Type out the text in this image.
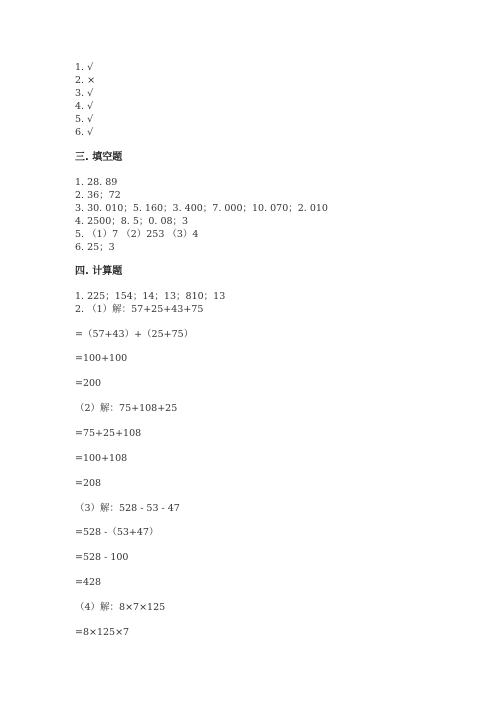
1. √
2. ×
3. √
4. √
5. √
6. √
三. 填空题
1. 28. 89
2. 36；72
3. 30. 010；5. 160；3. 400；7. 000；10. 070；2. 010
4. 2500；8. 5；0. 08；3
5. （1）7 （2）253 （3）4
6. 25；3
四. 计算题
1. 225；154；14；13；810；13
2. （1）解：57+25+43+75
=（57+43）+（25+75）
=100+100
=200
（2）解：75+108+25
=75+25+108
=100+108
=208
（3）解：528 - 53 - 47
=528 -（53+47）
=528 - 100
=428
（4）解：8×7×125
=8×125×7
